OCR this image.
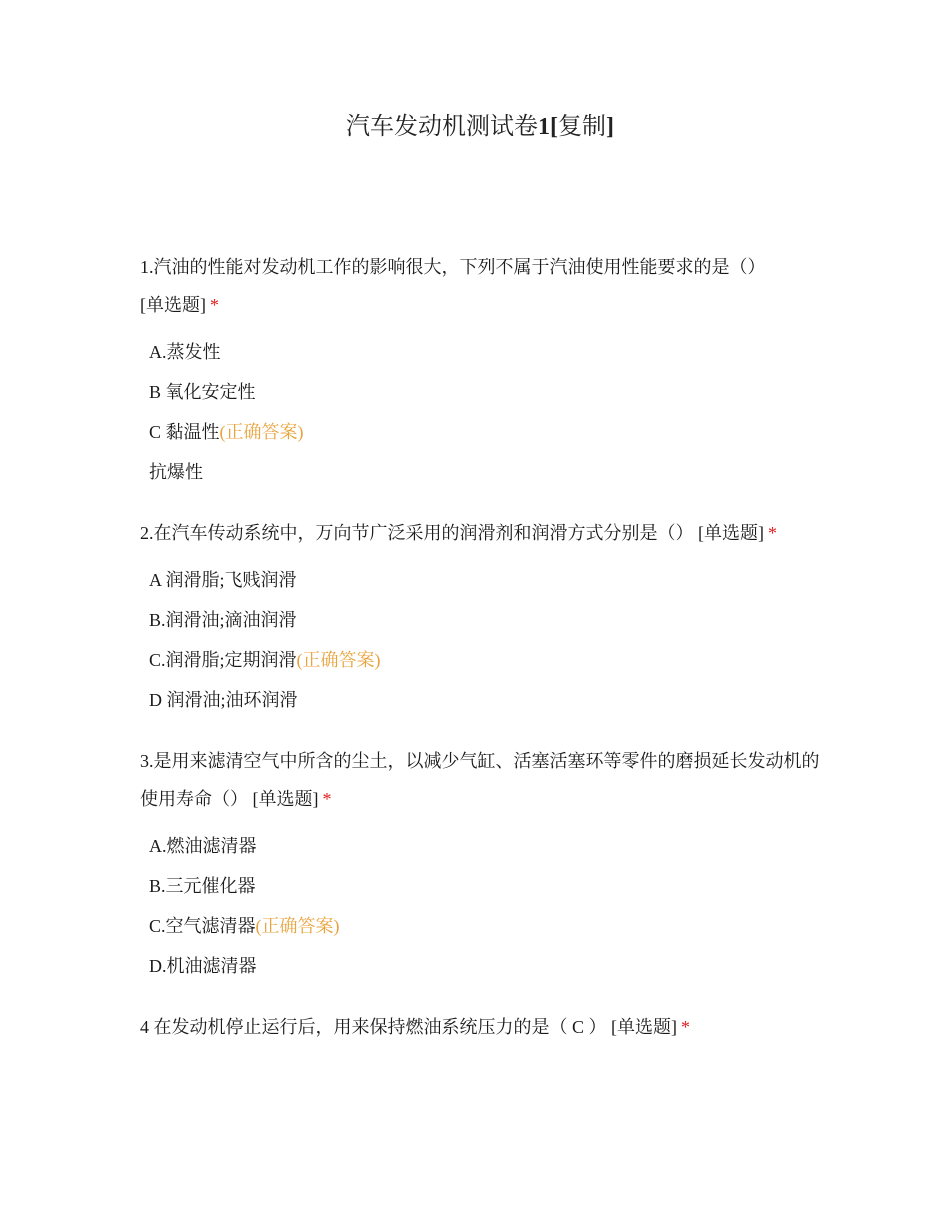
汽车发动机测试卷1[复制]
1.汽油的性能对发动机工作的影响很大，下列不属于汽油使用性能要求的是（）
[单选题] *
A.蒸发性
B 氧化安定性
C 黏温性(正确答案)
抗爆性
2.在汽车传动系统中，万向节广泛采用的润滑剂和润滑方式分别是（） [单选题] *
A 润滑脂;飞贱润滑
B.润滑油;滴油润滑
C.润滑脂;定期润滑(正确答案)
D 润滑油;油环润滑
3.是用来滤清空气中所含的尘土，以减少气缸、活塞活塞环等零件的磨损延长发动机的使用寿命（） [单选题] *
A.燃油滤清器
B.三元催化器
C.空气滤清器(正确答案)
D.机油滤清器
4 在发动机停止运行后，用来保持燃油系统压力的是（ C ） [单选题] *
